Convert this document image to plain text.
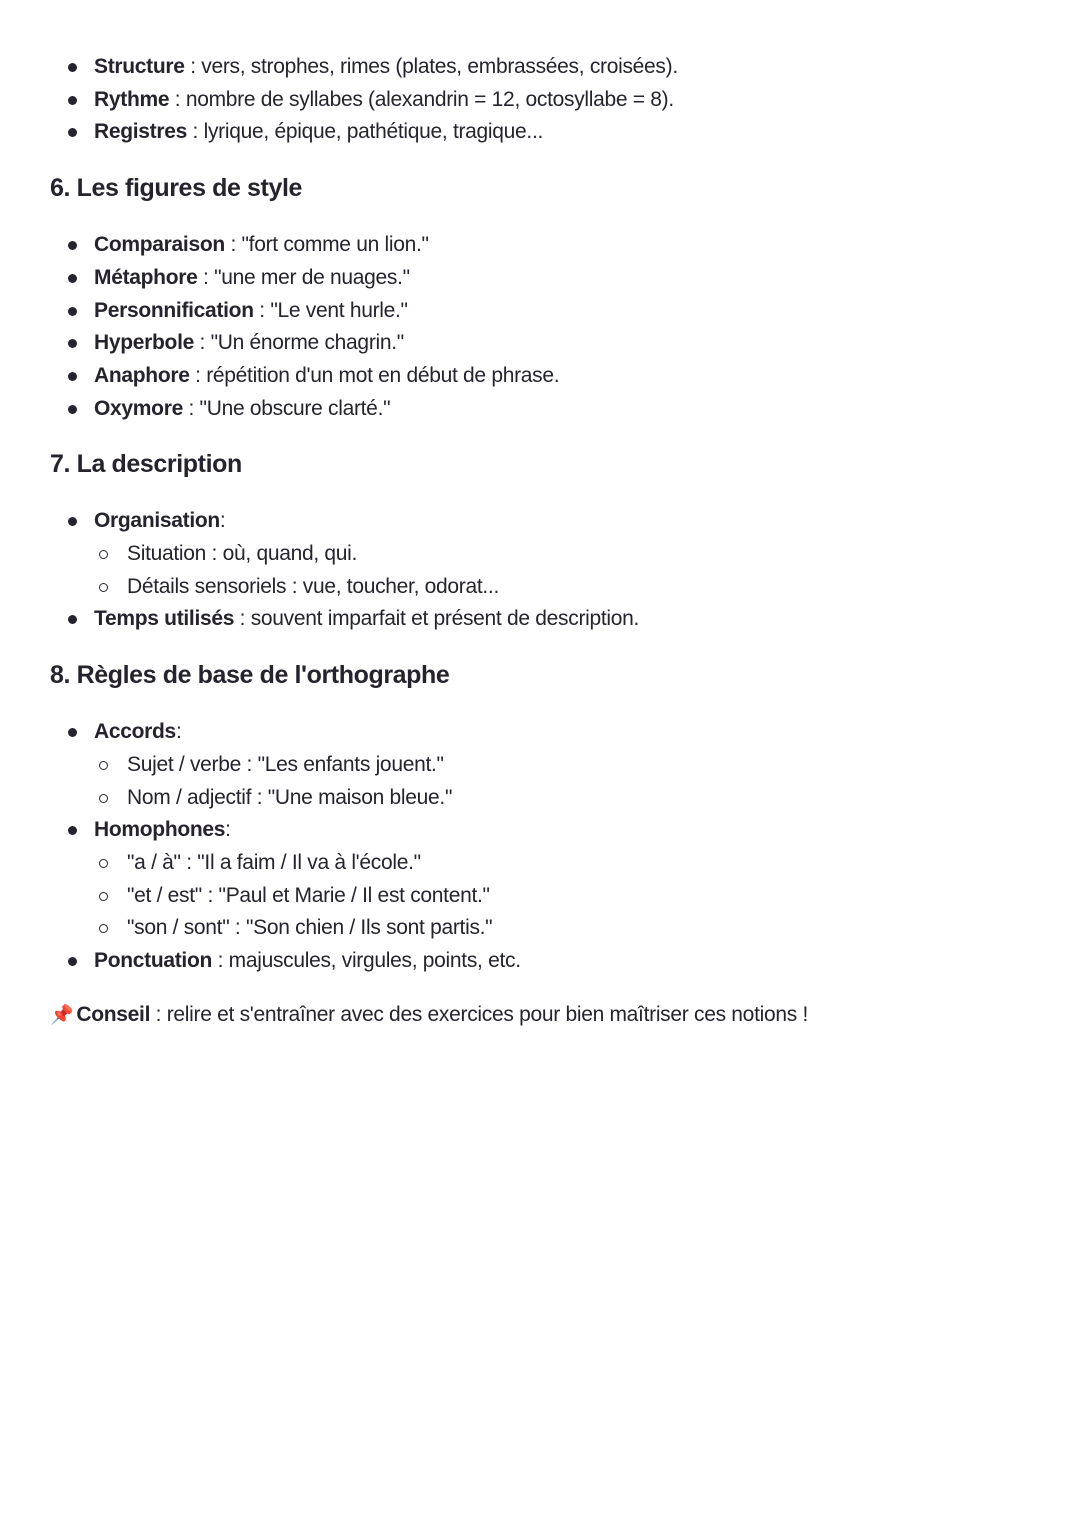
Structure : vers, strophes, rimes (plates, embrassées, croisées).
Rythme : nombre de syllabes (alexandrin = 12, octosyllabe = 8).
Registres : lyrique, épique, pathétique, tragique...
6. Les figures de style
Comparaison : "fort comme un lion."
Métaphore : "une mer de nuages."
Personnification : "Le vent hurle."
Hyperbole : "Un énorme chagrin."
Anaphore : répétition d'un mot en début de phrase.
Oxymore : "Une obscure clarté."
7. La description
Organisation:
Situation : où, quand, qui.
Détails sensoriels : vue, toucher, odorat...
Temps utilisés : souvent imparfait et présent de description.
8. Règles de base de l'orthographe
Accords:
Sujet / verbe : "Les enfants jouent."
Nom / adjectif : "Une maison bleue."
Homophones:
"a / à" : "Il a faim / Il va à l'école."
"et / est" : "Paul et Marie / Il est content."
"son / sont" : "Son chien / Ils sont partis."
Ponctuation : majuscules, virgules, points, etc.
📌 Conseil : relire et s'entraîner avec des exercices pour bien maîtriser ces notions !
